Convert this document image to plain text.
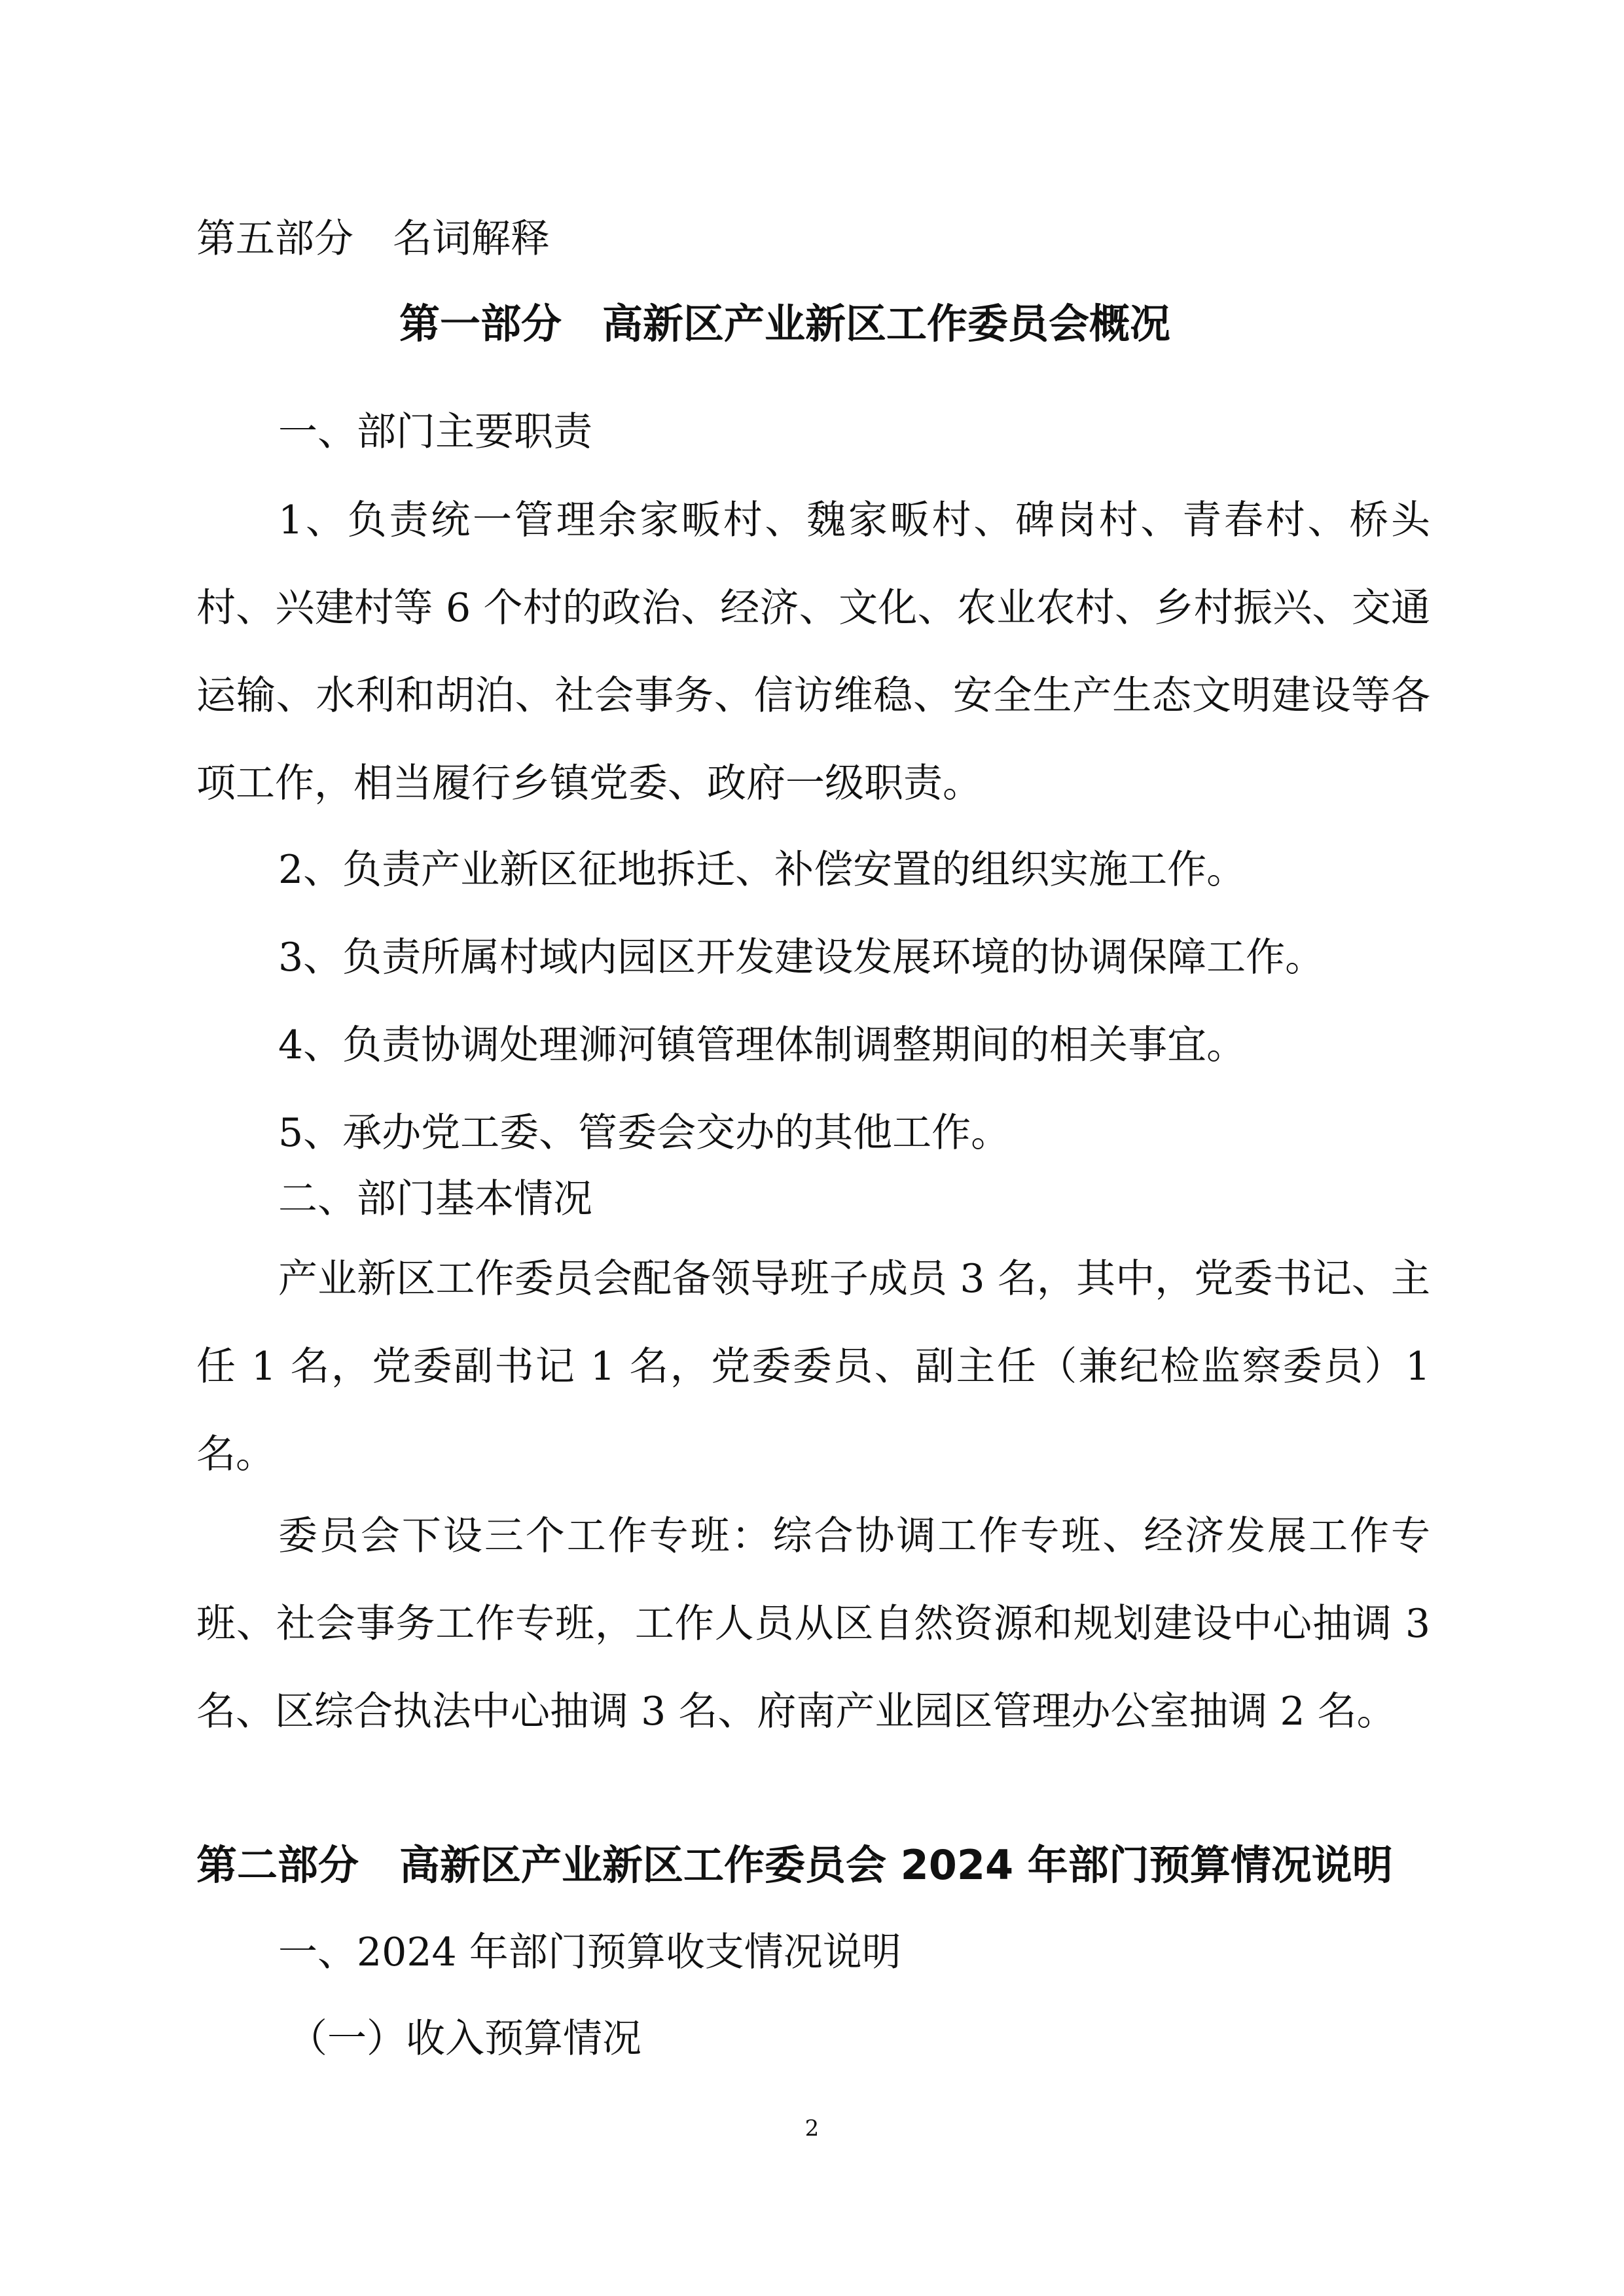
第五部分　名词解释
第一部分　高新区产业新区工作委员会概况
一、部门主要职责
1、负责统一管理余家畈村、魏家畈村、碑岗村、青春村、桥头村、兴建村等 6 个村的政治、经济、文化、农业农村、乡村振兴、交通运输、水利和胡泊、社会事务、信访维稳、安全生产生态文明建设等各项工作，相当履行乡镇党委、政府一级职责。
2、负责产业新区征地拆迁、补偿安置的组织实施工作。
3、负责所属村域内园区开发建设发展环境的协调保障工作。
4、负责协调处理浉河镇管理体制调整期间的相关事宜。
5、承办党工委、管委会交办的其他工作。
二、部门基本情况
产业新区工作委员会配备领导班子成员 3 名，其中，党委书记、主任 1 名，党委副书记 1 名，党委委员、副主任（兼纪检监察委员）1 名。
委员会下设三个工作专班：综合协调工作专班、经济发展工作专班、社会事务工作专班，工作人员从区自然资源和规划建设中心抽调 3 名、区综合执法中心抽调 3 名、府南产业园区管理办公室抽调 2 名。
第二部分　高新区产业新区工作委员会 2024 年部门预算情况说明
一、2024 年部门预算收支情况说明
（一）收入预算情况
2
